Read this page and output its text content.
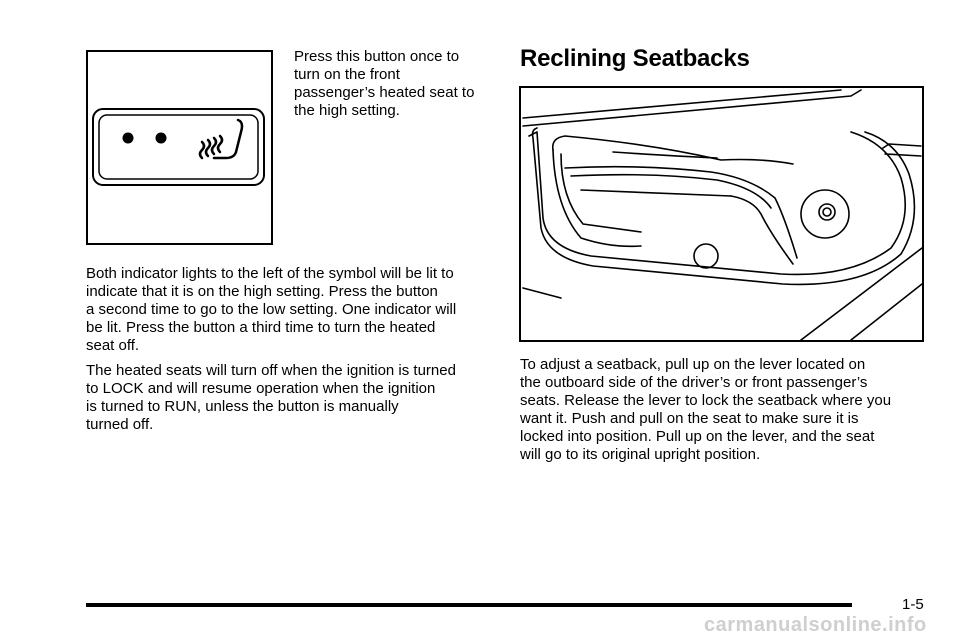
Press this button once to
turn on the front
passenger’s heated seat to
the high setting.
Both indicator lights to the left of the symbol will be lit to
indicate that it is on the high setting. Press the button
a second time to go to the low setting. One indicator will
be lit. Press the button a third time to turn the heated
seat off.
The heated seats will turn off when the ignition is turned
to LOCK and will resume operation when the ignition
is turned to RUN, unless the button is manually
turned off.
Reclining Seatbacks
To adjust a seatback, pull up on the lever located on
the outboard side of the driver’s or front passenger’s
seats. Release the lever to lock the seatback where you
want it. Push and pull on the seat to make sure it is
locked into position. Pull up on the lever, and the seat
will go to its original upright position.
1-5
carmanualsonline.info
